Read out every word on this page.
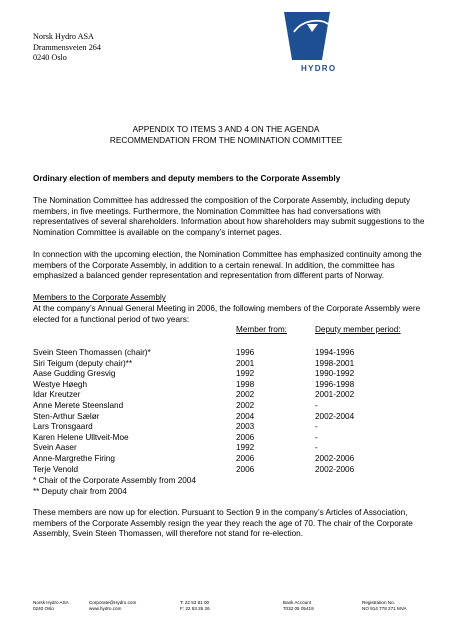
Norsk Hydro ASA
Drammensveien 264
0240 Oslo
HYDRO
APPENDIX TO ITEMS 3 AND 4 ON THE AGENDA
RECOMMENDATION FROM THE NOMINATION COMMITTEE

Ordinary election of members and deputy members to the Corporate Assembly

The Nomination Committee has addressed the composition of the Corporate Assembly, including deputy members, in five meetings. Furthermore, the Nomination Committee has had conversations with representatives of several shareholders. Information about how shareholders may submit suggestions to the Nomination Committee is available on the company’s internet pages.

In connection with the upcoming election, the Nomination Committee has emphasized continuity among the members of the Corporate Assembly, in addition to a certain renewal. In addition, the committee has emphasized a balanced gender representation and representation from different parts of Norway.

Members to the Corporate Assembly

At the company’s Annual General Meeting in 2006, the following members of the Corporate Assembly were elected for a functional period of two years:

Member from:	Deputy member period:
Svein Steen Thomassen (chair)*	1996	1994-1996
Siri Teigum (deputy chair)**	2001	1998-2001
Aase Gudding Gresvig	1992	1990-1992
Westye Høegh	1998	1996-1998
Idar Kreutzer	2002	2001-2002
Anne Merete Steensland	2002	-
Sten-Arthur Sælør	2004	2002-2004
Lars Tronsgaard	2003	-
Karen Helene Ulltveit-Moe	2006	-
Svein Aaser	1992	-
Anne-Margrethe Firing	2006	2002-2006
Terje Venold	2006	2002-2006

* Chair of the Corporate Assembly from 2004

** Deputy chair from 2004

These members are now up for election. Pursuant to Section 9 in the company’s Articles of Association, members of the Corporate Assembly resign the year they reach the age of 70. The chair of the Corporate Assembly, Svein Steen Thomassen, will therefore not stand for re-election.

Norsk Hydro ASA
0240 Oslo
Corporate@Hydro.com
www.hydro.com
T: 22 53 81 00
F: 22 53 26 26
Bank Account
7032 05 05419
Registration No.
NO 914 778 271 MVA
